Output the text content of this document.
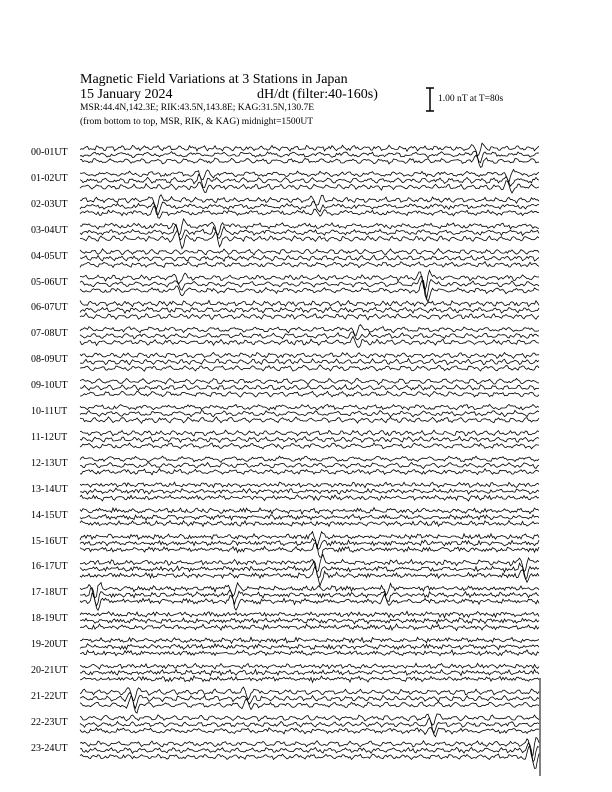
Magnetic Field Variations at 3 Stations in Japan
15 January 2024	dH/dt (filter:40-160s)
MSR:44.4N,142.3E; RIK:43.5N,143.8E; KAG:31.5N,130.7E
(from bottom to top, MSR, RIK, & KAG) midnight=1500UT
1.00 nT at T=80s
00-01UT
01-02UT
02-03UT
03-04UT
04-05UT
05-06UT
06-07UT
07-08UT
08-09UT
09-10UT
10-11UT
11-12UT
12-13UT
13-14UT
14-15UT
15-16UT
16-17UT
17-18UT
18-19UT
19-20UT
20-21UT
21-22UT
22-23UT
23-24UT
